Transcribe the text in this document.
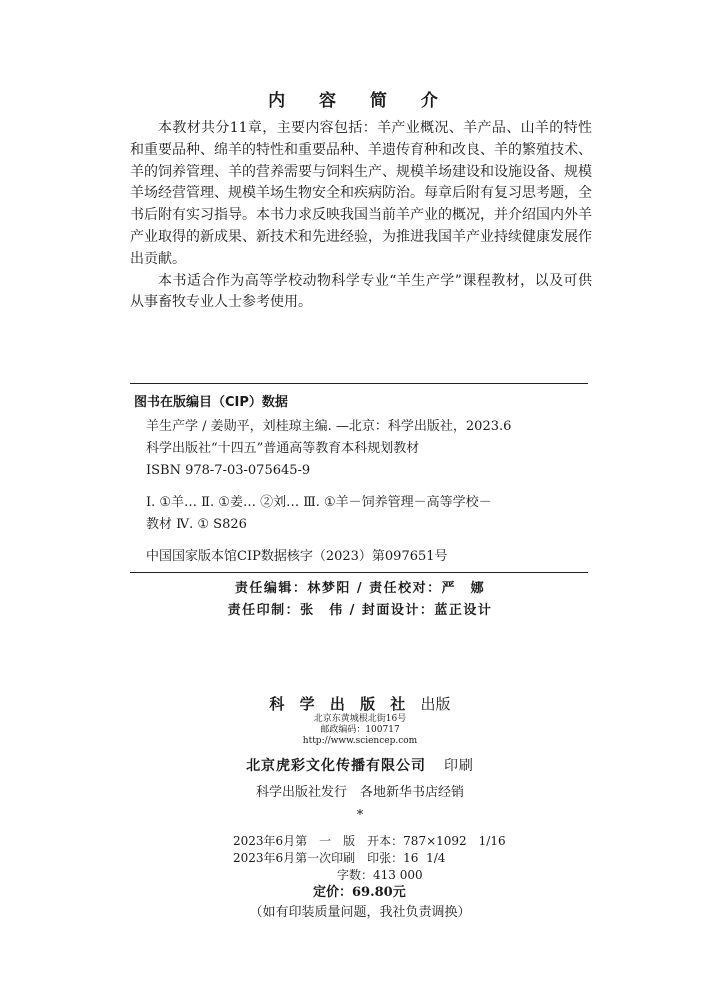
内 容 简 介

本教材共分11章，主要内容包括：羊产业概况、羊产品、山羊的特性和重要品种、绵羊的特性和重要品种、羊遗传育种和改良、羊的繁殖技术、羊的饲养管理、羊的营养需要与饲料生产、规模羊场建设和设施设备、规模羊场经营管理、规模羊场生物安全和疾病防治。每章后附有复习思考题，全书后附有实习指导。本书力求反映我国当前羊产业的概况，并介绍国内外羊产业取得的新成果、新技术和先进经验，为推进我国羊产业持续健康发展作出贡献。

本书适合作为高等学校动物科学专业“羊生产学”课程教材，以及可供从事畜牧专业人士参考使用。

图书在版编目（CIP）数据
羊生产学 / 姜勋平，刘桂琼主编. —北京：科学出版社，2023.6
科学出版社“十四五”普通高等教育本科规划教材
ISBN 978-7-03-075645-9
Ⅰ. ①羊… Ⅱ. ①姜… ②刘… Ⅲ. ①羊－饲养管理－高等学校－
教材 Ⅳ. ① S826
中国国家版本馆CIP数据核字（2023）第097651号
责任编辑：林梦阳 / 责任校对：严　娜
责任印制：张　伟 / 封面设计：蓝正设计
科 学 出 版 社 出版
北京东黄城根北街16号
邮政编码：100717
http://www.sciencep.com
北京虎彩文化传播有限公司 印刷
科学出版社发行　各地新华书店经销
*
2023年6月第　一　版　开本：787×1092　1/16
2023年6月第一次印刷　印张：16  1/4
字数：413 000
定价：69.80元
（如有印装质量问题，我社负责调换）
